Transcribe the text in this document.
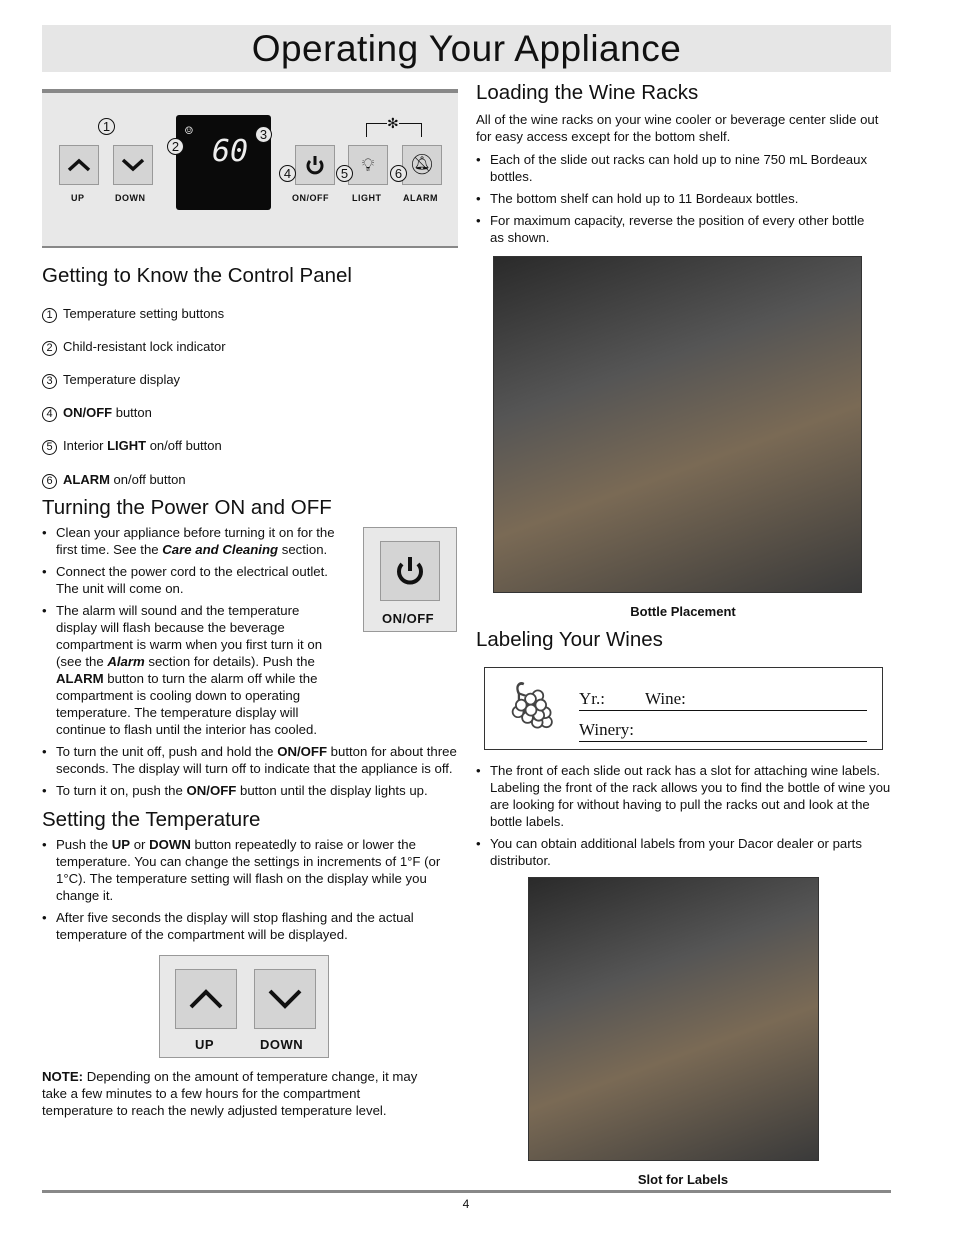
Operating Your Appliance
1
UP	DOWN
☺
60
2
3
💡︎ 🔕︎
✻
4	5	6
ON/OFF	LIGHT ALARM
Getting to Know the Control Panel
1 Temperature setting buttons
2 Child-resistant lock indicator
3 Temperature display
4 ON/OFF button
5 Interior LIGHT on/off button
6 ALARM on/off button
Turning the Power ON and OFF
ON/OFF
• Clean your appliance before turning it on for the first time. See the Care and Cleaning section.
• Connect the power cord to the electrical outlet. The unit will come on.
• The alarm will sound and the temperature display will flash because the beverage compartment is warm when you first turn it on (see the Alarm section for details). Push the ALARM button to turn the alarm off while the compartment is cooling down to operating temperature. The temperature display will continue to flash until the interior has cooled.
• To turn the unit off, push and hold the ON/OFF button for about three seconds. The display will turn off to indicate that the appliance is off.
• To turn it on, push the ON/OFF button until the display lights up.
Setting the Temperature
• Push the UP or DOWN button repeatedly to raise or lower the temperature. You can change the settings in increments of 1°F (or 1°C). The temperature setting will flash on the display while you change it.
• After five seconds the display will stop flashing and the actual temperature of the compartment will be displayed.
UP	DOWN

NOTE: Depending on the amount of temperature change, it may take a few minutes to a few hours for the compartment temperature to reach the newly adjusted temperature level.

Loading the Wine Racks

All of the wine racks on your wine cooler or beverage center slide out for easy access except for the bottom shelf.

• Each of the slide out racks can hold up to nine 750 mL Bordeaux bottles.
• The bottom shelf can hold up to 11 Bordeaux bottles.
• For maximum capacity, reverse the position of every other bottle as shown.
Bottle Placement
Labeling Your Wines
🍇︎ Yr.: Wine:
Winery:
• The front of each slide out rack has a slot for attaching wine labels. Labeling the front of the rack allows you to find the bottle of wine you are looking for without having to pull the racks out and look at the bottle labels.
• You can obtain additional labels from your Dacor dealer or parts distributor.
Slot for Labels
4
